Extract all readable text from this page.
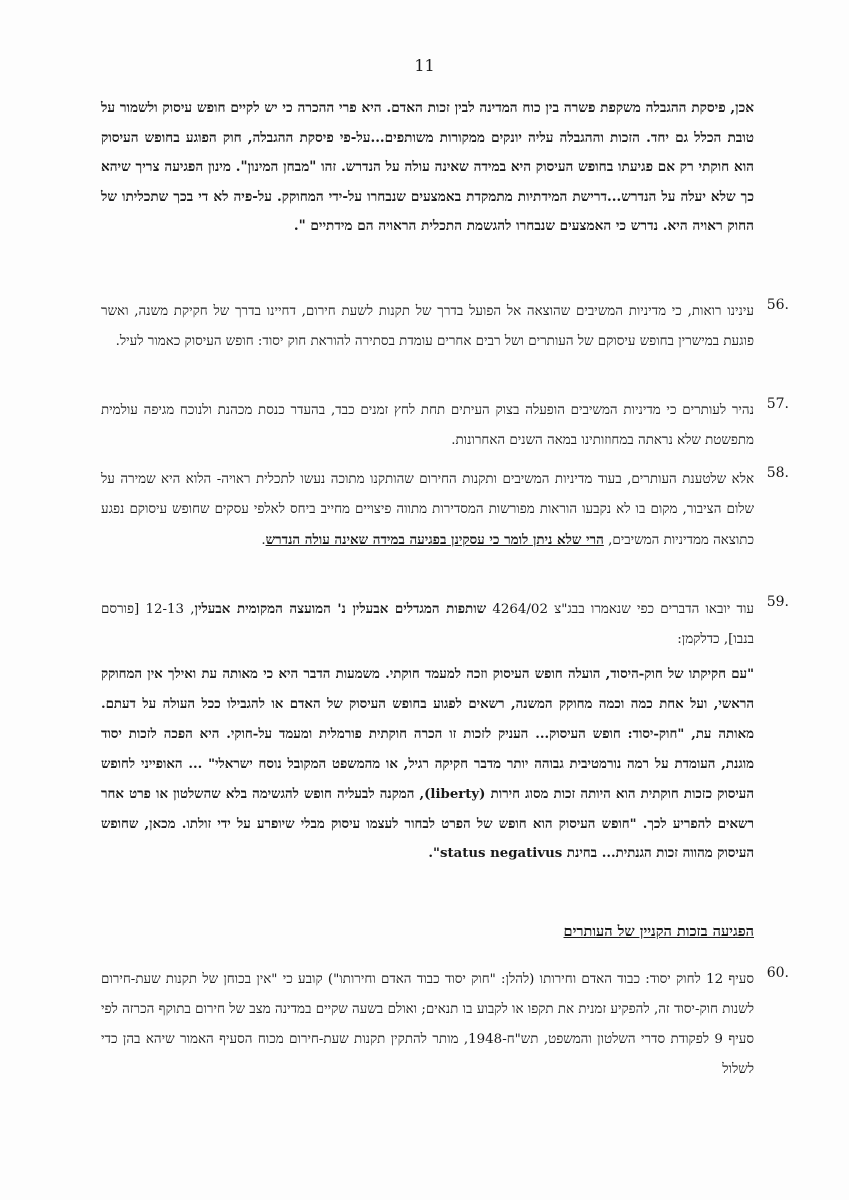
11

אכן, פיסקת ההגבלה משקפת פשרה בין כוח המדינה לבין זכות האדם. היא פרי ההכרה כי יש לקיים חופש עיסוק ולשמור על טובת הכלל גם יחד. הזכות וההגבלה עליה יונקים ממקורות משותפים...על-פי פיסקת ההגבלה, חוק הפוגע בחופש העיסוק הוא חוקתי רק אם פגיעתו בחופש העיסוק היא במידה שאינה עולה על הנדרש. זהו "מבחן המינון". מינון הפגיעה צריך שיהא כך שלא יעלה על הנדרש...דרישת המידתיות מתמקדת באמצעים שנבחרו על-ידי המחוקק. על-פיה לא די בכך שתכליתו של החוק ראויה היא. נדרש כי האמצעים שנבחרו להגשמת התכלית הראויה הם מידתיים ".

56.

עינינו רואות, כי מדיניות המשיבים שהוצאה אל הפועל בדרך של תקנות לשעת חירום, דחיינו בדרך של חקיקת משנה, ואשר פוגעת במישרין בחופש עיסוקם של העותרים ושל רבים אחרים עומדת בסתירה להוראת חוק יסוד: חופש העיסוק כאמור לעיל.

57.

נהיר לעותרים כי מדיניות המשיבים הופעלה בצוק העיתים תחת לחץ זמנים כבד, בהעדר כנסת מכהנת ולנוכח מגיפה עולמית מתפשטת שלא נראתה במחוזותינו במאה השנים האחרונות.

58.

אלא שלטענת העותרים, בעוד מדיניות המשיבים ותקנות החירום שהותקנו מתוכה נעשו לתכלית ראויה- הלוא היא שמירה על שלום הציבור, מקום בו לא נקבעו הוראות מפורשות המסדירות מתווה פיצויים מחייב ביחס לאלפי עסקים שחופש עיסוקם נפגע כתוצאה ממדיניות המשיבים, הרי שלא ניתן לומר כי עסקינן בפגיעה במידה שאינה עולה הנדרש.

59.

עוד יובאו הדברים כפי שנאמרו בבג"צ 4264/02 שותפות המגדלים אבעלין נ' המועצה המקומית אבעלין, 12-13 [פורסם בנבו], כדלקמן:

"עם חקיקתו של חוק-היסוד, הועלה חופש העיסוק וזכה למעמד חוקתי. משמעות הדבר היא כי מאותה עת ואילך אין המחוקק הראשי, ועל אחת כמה וכמה מחוקק המשנה, רשאים לפגוע בחופש העיסוק של האדם או להגבילו ככל העולה על דעתם. מאותה עת, "חוק-יסוד: חופש העיסוק... העניק לזכות זו הכרה חוקתית פורמלית ומעמד על-חוקי. היא הפכה לזכות יסוד מוגנת, העומדת על רמה נורמטיבית גבוהה יותר מדבר חקיקה רגיל, או מהמשפט המקובל נוסח ישראלי" ... האופייני לחופש העיסוק כזכות חוקתית הוא היותה זכות מסוג חירות (liberty), המקנה לבעליה חופש להגשימה בלא שהשלטון או פרט אחר רשאים להפריע לכך. "חופש העיסוק הוא חופש של הפרט לבחור לעצמו עיסוק מבלי שיופרע על ידי זולתו. מכאן, שחופש העיסוק מהווה זכות הגנתית... בחינת status negativus".

הפגיעה בזכות הקניין של העותרים

60.

סעיף 12 לחוק יסוד: כבוד האדם וחירותו (להלן: "חוק יסוד כבוד האדם וחירותו") קובע כי "אין בכוחן של תקנות שעת-חירום לשנות חוק-יסוד זה, להפקיע זמנית את תקפו או לקבוע בו תנאים; ואולם בשעה שקיים במדינה מצב של חירום בתוקף הכרזה לפי סעיף 9 לפקודת סדרי השלטון והמשפט, תש"ח-1948, מותר להתקין תקנות שעת-חירום מכוח הסעיף האמור שיהא בהן כדי לשלול
